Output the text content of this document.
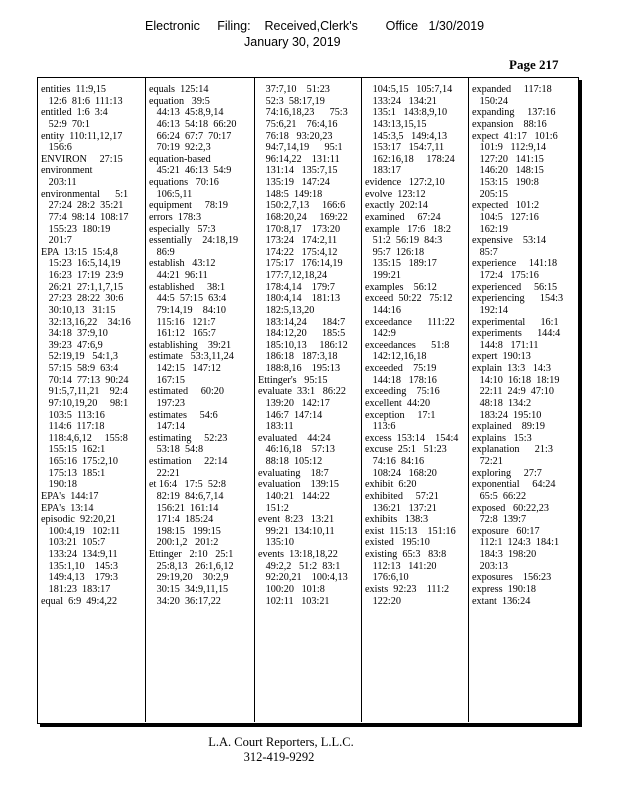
Electronic     Filing:    Received,Clerk's        Office   1/30/2019
January 30, 2019
Page 217
entities  11:9,15
12:6  81:6  111:13
entitled  1:6  3:4
52:9  70:1
entity  110:11,12,17
156:6
ENVIRON     27:15
environment
203:11
environmental      5:1
27:24  28:2  35:21
77:4  98:14  108:17
155:23  180:19
201:7
EPA  13:15  15:4,8
15:23  16:5,14,19
16:23  17:19  23:9
26:21  27:1,1,7,15
27:23  28:22  30:6
30:10,13   31:15
32:13,16,22    34:16
34:18  37:9,10
39:23  47:6,9
52:19,19   54:1,3
57:15  58:9  63:4
70:14  77:13  90:24
91:5,7,11,21    92:4
97:10,19,20     98:1
103:5  113:16
114:6  117:18
118:4,6,12     155:8
155:15  162:1
165:16  175:2,10
175:13  185:1
190:18
EPA's  144:17
EPA's  13:14
episodic  92:20,21
100:4,19   102:11
103:21  105:7
133:24  134:9,11
135:1,10    145:3
149:4,13    179:3
181:23  183:17
equal  6:9  49:4,22
equals  125:14
equation   39:5
44:13  45:8,9,14
46:13  54:18  66:20
66:24  67:7  70:17
70:19  92:2,3
equation-based
45:21  46:13  54:9
equations   70:16
106:5,11
equipment     78:19
errors  178:3
especially   57:3
essentially    24:18,19
86:9
establish   43:12
44:21  96:11
established     38:1
44:5  57:15  63:4
79:14,19    84:10
115:16   121:7
161:12   165:7
establishing    39:21
estimate   53:3,11,24
142:15   147:12
167:15
estimated     60:20
197:23
estimates     54:6
147:14
estimating     52:23
53:18  54:8
estimation     22:14
22:21
et 16:4   17:5  52:8
82:19  84:6,7,14
156:21  161:14
171:4  185:24
198:15   199:15
200:1,2   201:2
Ettinger   2:10   25:1
25:8,13   26:1,6,12
29:19,20    30:2,9
30:15  34:9,11,15
34:20  36:17,22
37:7,10    51:23
52:3  58:17,19
74:16,18,23      75:3
75:6,21    76:4,16
76:18   93:20,23
94:7,14,19      95:1
96:14,22    131:11
131:14   135:7,15
135:19   147:24
148:5  149:18
150:2,7,13     166:6
168:20,24     169:22
170:8,17    173:20
173:24   174:2,11
174:22   175:4,12
175:17   176:14,19
177:7,12,18,24
178:4,14    179:7
180:4,14    181:13
182:5,13,20
183:14,24      184:7
184:12,20      185:5
185:10,13     186:12
186:18   187:3,18
188:8,16    195:13
Ettinger's   95:15
evaluate  33:1   86:22
139:20   142:17
146:7  147:14
183:11
evaluated    44:24
46:16,18    57:13
88:18  105:12
evaluating    18:7
evaluation    139:15
140:21   144:22
151:2
event  8:23   13:21
99:21  134:10,11
135:10
events  13:18,18,22
49:2,2   51:2  83:1
92:20,21    100:4,13
100:20   101:8
102:11   103:21
104:5,15   105:7,14
133:24   134:21
135:1   143:8,9,10
143:13,15,15
145:3,5   149:4,13
153:17   154:7,11
162:16,18     178:24
183:17
evidence   127:2,10
evolve  123:12
exactly  202:14
examined     67:24
example   17:6   18:2
51:2  56:19  84:3
95:7  126:18
135:15   189:17
199:21
examples    56:12
exceed  50:22   75:12
144:16
exceedance      111:22
142:9
exceedances      51:8
142:12,16,18
exceeded    75:19
144:18   178:16
exceeding    75:16
excellent  44:20
exception     17:1
113:6
excess  153:14    154:4
excuse  25:1   51:23
74:16  84:16
108:24   168:20
exhibit  6:20
exhibited     57:21
136:21   137:21
exhibits   138:3
exist  115:13    151:16
existed   195:10
existing  65:3   83:8
112:13   141:20
176:6,10
exists  92:23    111:2
122:20
expanded     117:18
150:24
expanding     137:16
expansion    88:16
expect  41:17   101:6
101:9   112:9,14
127:20   141:15
146:20   148:15
153:15   190:8
205:15
expected   101:2
104:5   127:16
162:19
expensive    53:14
85:7
experience     141:18
172:4   175:16
experienced     56:15
experiencing      154:3
192:14
experimental      16:1
experiments      144:4
144:8   171:11
expert  190:13
explain  13:3   14:3
14:10  16:18  18:19
22:11  24:9  47:10
48:18  134:2
183:24  195:10
explained    89:19
explains   15:3
explanation      21:3
72:21
exploring     27:7
exponential     64:24
65:5  66:22
exposed   60:22,23
72:8  139:7
exposure   60:17
112:1  124:3  184:1
184:3  198:20
203:13
exposures    156:23
express  190:18
extant  136:24
L.A. Court Reporters, L.L.C.
312-419-9292
